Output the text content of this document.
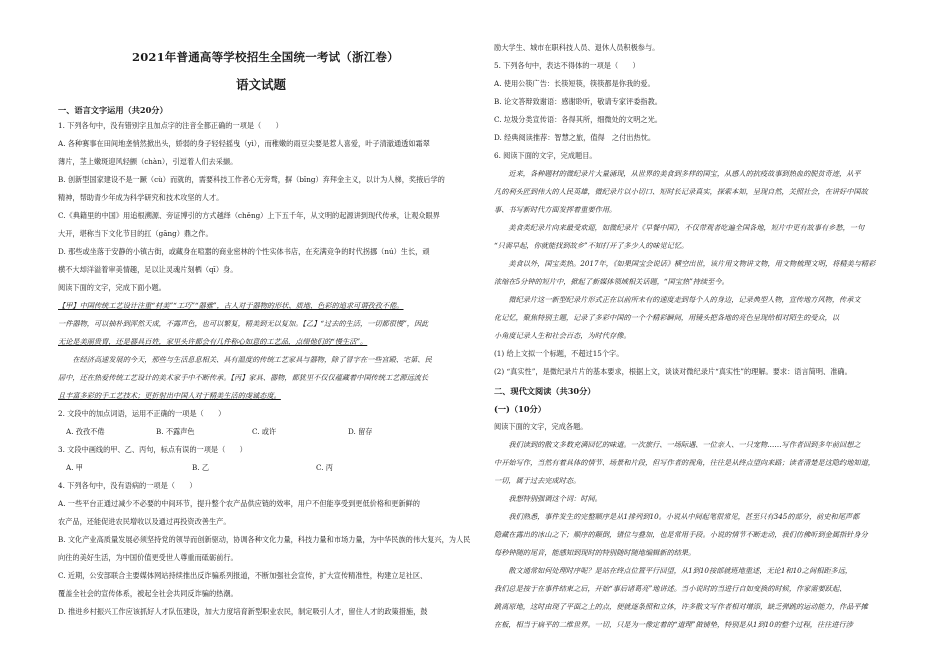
2021年普通高等学校招生全国统一考试（浙江卷）
语文试题
一、语言文字运用（共20分）
1. 下列各句中，没有错别字且加点字的注音全都正确的一项是（　　）
A. 各种赛事在田间地垄悄然掀出头，娇弱的身子轻轻摇曳（yì），而稚嫩的雨豆尖要是惹人喜爱，叶子清澈通透如霜翠
薄片，茎上嫩斑迎风轻颤（chàn），引逗着人们去采撷。
B. 创新型国家建设不是一蹶（cù）而就的，需要科技工作者心无旁骛，摒（bǐng）弃拜金主义，以计为人梯，奖掖后学的
精神，帮助青少年成为科学研究和技术攻坚的人才。
C.《典籍里的中国》用追根溯源、旁证博引的方式越绎（chěng）上下五千年，从文明的起源讲到现代传承，让观众眼界
大开，堪称当下文化节目的扛（gāng）鼎之作。
D. 那些或坐落于安静的小镇古街，或藏身在喧嚣的商业密林的个性实体书店，在充满竞争的时代拐挪（nú）生长，顽
横不大却洋溢着审美情趣，足以让灵魂片刻栖（qī）身。
阅读下面的文字，完成下面小题。
【甲】中国传统工艺设计注重“材美”“工巧”“器雅”，古人对于器物的形状、质地、色彩的追求可谓孜孜不倦。
一件器物，可以抽朴到浑然天成，不露声色，也可以繁复，精美到无以复加。【乙】“过去的生活，一切都很慢”，因此
无论是美丽贵胄，还是器具百姓，家里头许都会有几件称心如意的工艺品，点缀他们的“慢生活”。
　　在经济高速发展的今天，那些与生活息息相关、具有温度的传统工艺家具与器物，除了冒字在一些宫殿、宅第、民
居中，还在热爱传统工艺设计的美术家手中不断传承。【丙】家具、器物，都犹里不仅仅蕴藏着中国传统工艺源远流长
且丰富多彩的手工艺技术；更折射出中国人对于精美生活的虔诚态度。
2. 文段中的加点词语，运用不正确的一项是（　　）
A. 孜孜不倦	B. 不露声色	C. 或许	D. 留存
3. 文段中画线的甲、乙、丙句，标点有误的一项是（　　）
A. 甲	B. 乙	C. 丙
4. 下列各句中，没有语病的一项是（　　）
A. 一些平台正通过减少不必要的中间环节，提升整个农产品供应链的效率，用户不但能享受到更低价格和更新鲜的
农产品，还能促进农民增收以及通过再投资改善生产。
B. 文化产业高质量发展必须坚持党的领导而创新驱动，协调各种文化力量，科技力量和市场力量，为中华民族的伟大复兴，为人民
向往的美好生活，为中国价值更受世人尊重而砥砺前行。
C. 近期，公安部联合主要媒体网站持续推出反诈骗系列报道，不断加强社会宣传，扩大宣传精准性，构建立足社区、
覆盖全社会的宣传体系，被起全社会共同反诈骗的热潮。
D. 推进乡村振兴工作应该抓好人才队伍建设，加大力度培育新型职业农民，制定吸引人才，留住人才的政策措施，鼓
励大学生、城市在职科技人员、退休人员积极参与。
5. 下列各句中，表达不得体的一项是（　　）
A. 使用公筷广告：长筷短筷，筷筷都是你我的爱。
B. 论文答辩致谢语：感谢聆听，敬请专家评委指教。
C. 垃圾分类宣传语：各得其所，细微处的文明之光。
D. 经典阅读推荐：智慧之旅，值得　之付出热忱。
6. 阅读下面的文字，完成题目。
　　近来，各种题材的微纪录片大量涌现，从世界的美食到多样的国宝，从感人的抗疫故事到热血的脱贫奇迹，从平
凡的利头匠到伟大的人民英雄，微纪录片以小切口、短时长记录真实，探索本知，呈现自然，关照社会，在讲好中国故
事、书写新时代方面发挥着重要作用。
　　美食类纪录片向来最受欢迎，如微纪录片《早餐中国》，不仅带观者吃遍全国各地，短片中更有故事有乡愁，一句
“只需早起，你就能找到故乡”不知打开了多少人的味觉记忆。
　　美食以外，国宝类热。2017年，《如果国宝会说话》横空出世，该片用文物讲文物，用文物梳理文明，将精美与精彩
浓缩在5分钟的短片中，掀起了新媒体领域相关话题，“国宝热”持续至今。
　　微纪录片这一新型纪录片形式正在以前所未有的速度走到每个人的身边，记录典型人物，宣传地方风物，传承文
化记忆，聚焦特别主题，记录了多彩中国的一个个精彩瞬间，用镜头把各地的亮色呈现给相对陌生的受众，以
小角度记录人生和社会百态，为时代存像。
(1) 给上文拟一个标题，不超过15个字。
(2) “真实性”，是微纪录片片的基本要求，根据上文，谈谈对微纪录片“真实性”的理解。要求：语言简明、准确。
二、现代文阅读（共30分）
(一)（10分）
阅读下面的文字，完成各题。
　　我们读到的散文多数充满回忆的味道。一次旅行、一场际遇、一位亲人、一只宠物……写作者回到多年前回想之
中开始写作，当然有着具体的情节、场景和片段，但写作者的视角，往往是从终点望向来路；读者清楚是这隐约地知道，
一切，属于过去完成时态。
　　我想特别强调这个词：时间。
　　我们熟悉，事件发生的完整顺序是从1排列到10。小说从中间起笔很常见，甚至只有345的部分，前史和尾声都
隐藏在露出的冰山之下；顺序的颠倒，错位与叠加，也是常用手段。小说的情节不断走动，我们仿佛听到金属指针身分
每秒钟随的尾音，能感知到现时的特别随时随地编辑新的结果。
　　散文通常如何处理时序呢？是站在终点位置平行回望，从1到10按部就班地重述，无论1和10之间相距多远，
我们总是按于在事件结束之后，开始“事后诸葛亮”地讲述。当小说时的当进行自如变换的时候，作家需要跃起、
跳离原地，这时由现了平面之上的点，便就逐条照和立体，许多散文写作者相对增添，缺乏弹跳的运动能力，作品平摊
在板，相当于扁平的二维世界。一切，只是为一像定着的“道理”做铺垫，特别是从1到10的整个过程，往往进行涉
